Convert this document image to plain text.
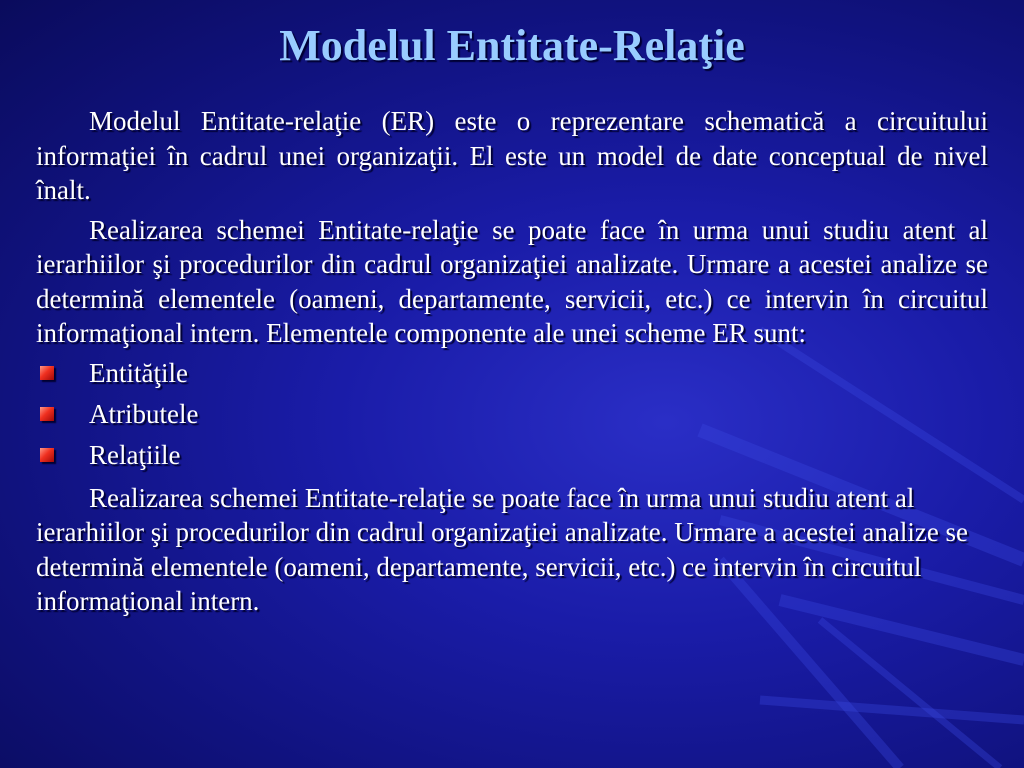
Modelul Entitate-Relaţie

Modelul Entitate-relaţie (ER) este o reprezentare schematică a circuitului informaţiei în cadrul unei organizaţii. El este un model de date conceptual de nivel înalt.

Realizarea schemei Entitate-relaţie se poate face în urma unui studiu atent al ierarhiilor şi procedurilor din cadrul organizaţiei analizate. Urmare a acestei analize se determină elementele (oameni, departamente, servicii, etc.) ce intervin în circuitul informaţional intern. Elementele componente ale unei scheme ER sunt:

Entităţile
Atributele
Relaţiile

Realizarea schemei Entitate-relaţie se poate face în urma unui studiu atent al ierarhiilor şi procedurilor din cadrul organizaţiei analizate. Urmare a acestei analize se determină elementele (oameni, departamente, servicii, etc.) ce intervin în circuitul informaţional intern.
